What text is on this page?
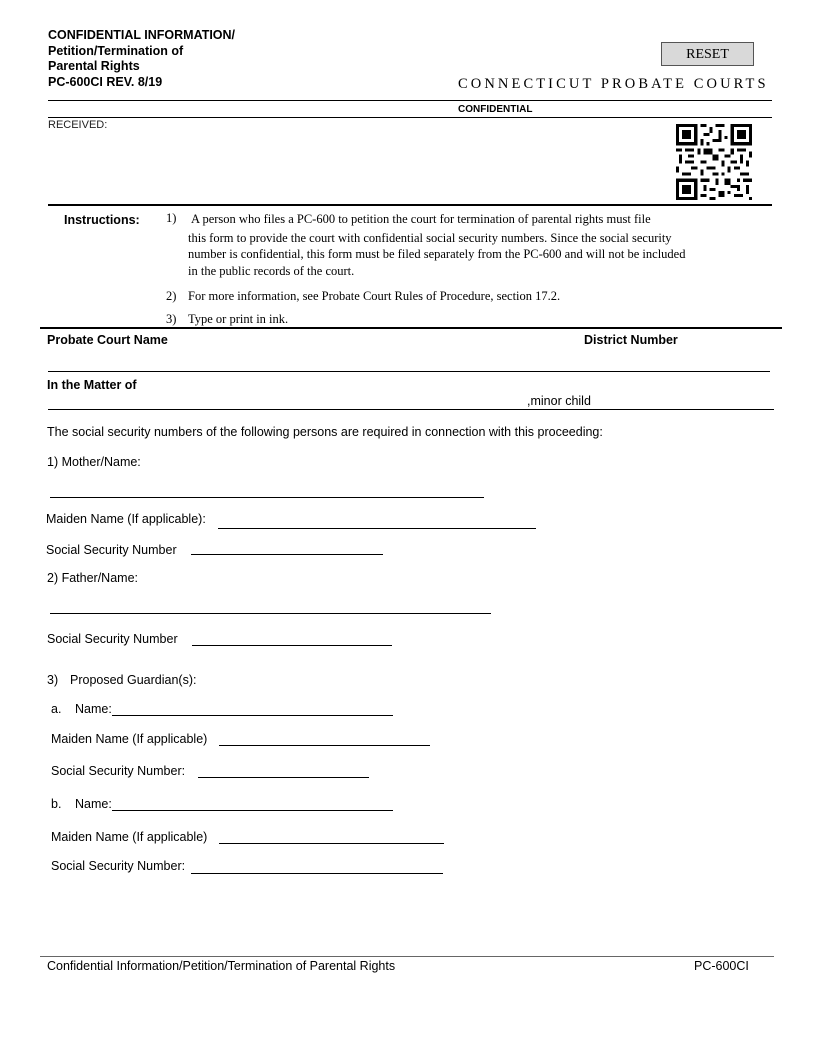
CONFIDENTIAL INFORMATION/
Petition/Termination of
Parental Rights
PC-600CI REV. 8/19
RESET
CONNECTICUT PROBATE COURTS
CONFIDENTIAL
RECEIVED:
Instructions: 1) A person who files a PC-600 to petition the court for termination of parental rights must file
this form to provide the court with confidential social security numbers. Since the social security
number is confidential, this form must be filed separately from the PC-600 and will not be included
in the public records of the court.
2) For more information, see Probate Court Rules of Procedure, section 17.2.
3) Type or print in ink.
Probate Court Name	District Number
In the Matter of
,minor child
The social security numbers of the following persons are required in connection with this proceeding:
1) Mother/Name:
Maiden Name (If applicable):
Social Security Number
2) Father/Name:
Social Security Number
3) Proposed Guardian(s):
a. Name:
Maiden Name (If applicable)
Social Security Number:
b. Name:
Maiden Name (If applicable)
Social Security Number:
Confidential Information/Petition/Termination of Parental Rights	PC-600CI
